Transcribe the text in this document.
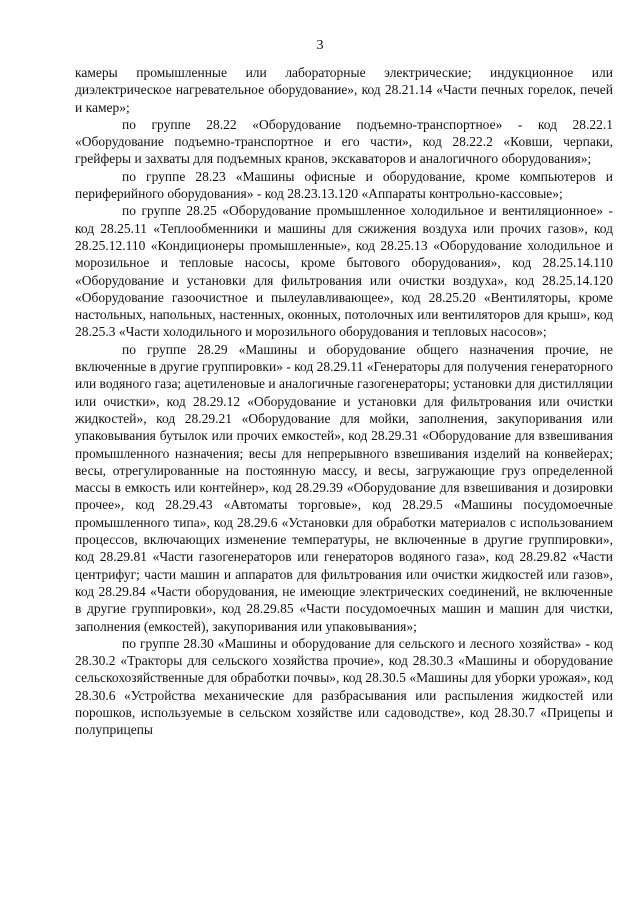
3

камеры промышленные или лабораторные электрические; индукционное или диэлектрическое нагревательное оборудование», код 28.21.14 «Части печных горелок, печей и камер»;

по группе 28.22 «Оборудование подъемно-транспортное» - код 28.22.1 «Оборудование подъемно-транспортное и его части», код 28.22.2 «Ковши, черпаки, грейферы и захваты для подъемных кранов, экскаваторов и аналогичного оборудования»;

по группе 28.23 «Машины офисные и оборудование, кроме компьютеров и периферийного оборудования» - код 28.23.13.120 «Аппараты контрольно-кассовые»;

по группе 28.25 «Оборудование промышленное холодильное и вентиляционное» - код 28.25.11 «Теплообменники и машины для сжижения воздуха или прочих газов», код 28.25.12.110 «Кондиционеры промышленные», код 28.25.13 «Оборудование холодильное и морозильное и тепловые насосы, кроме бытового оборудования», код 28.25.14.110 «Оборудование и установки для фильтрования или очистки воздуха», код 28.25.14.120 «Оборудование газоочистное и пылеулавливающее», код 28.25.20 «Вентиляторы, кроме настольных, напольных, настенных, оконных, потолочных или вентиляторов для крыш», код 28.25.3 «Части холодильного и морозильного оборудования и тепловых насосов»;

по группе 28.29 «Машины и оборудование общего назначения прочие, не включенные в другие группировки» - код 28.29.11 «Генераторы для получения генераторного или водяного газа; ацетиленовые и аналогичные газогенераторы; установки для дистилляции или очистки», код 28.29.12 «Оборудование и установки для фильтрования или очистки жидкостей», код 28.29.21 «Оборудование для мойки, заполнения, закупоривания или упаковывания бутылок или прочих емкостей», код 28.29.31 «Оборудование для взвешивания промышленного назначения; весы для непрерывного взвешивания изделий на конвейерах; весы, отрегулированные на постоянную массу, и весы, загружающие груз определенной массы в емкость или контейнер», код 28.29.39 «Оборудование для взвешивания и дозировки прочее», код 28.29.43 «Автоматы торговые», код 28.29.5 «Машины посудомоечные промышленного типа», код 28.29.6 «Установки для обработки материалов с использованием процессов, включающих изменение температуры, не включенные в другие группировки», код 28.29.81 «Части газогенераторов или генераторов водяного газа», код 28.29.82 «Части центрифуг; части машин и аппаратов для фильтрования или очистки жидкостей или газов», код 28.29.84 «Части оборудования, не имеющие электрических соединений, не включенные в другие группировки», код 28.29.85 «Части посудомоечных машин и машин для чистки, заполнения (емкостей), закупоривания или упаковывания»;

по группе 28.30 «Машины и оборудование для сельского и лесного хозяйства» - код 28.30.2 «Тракторы для сельского хозяйства прочие», код 28.30.3 «Машины и оборудование сельскохозяйственные для обработки почвы», код 28.30.5 «Машины для уборки урожая», код 28.30.6 «Устройства механические для разбрасывания или распыления жидкостей или порошков, используемые в сельском хозяйстве или садоводстве», код 28.30.7 «Прицепы и полуприцепы
